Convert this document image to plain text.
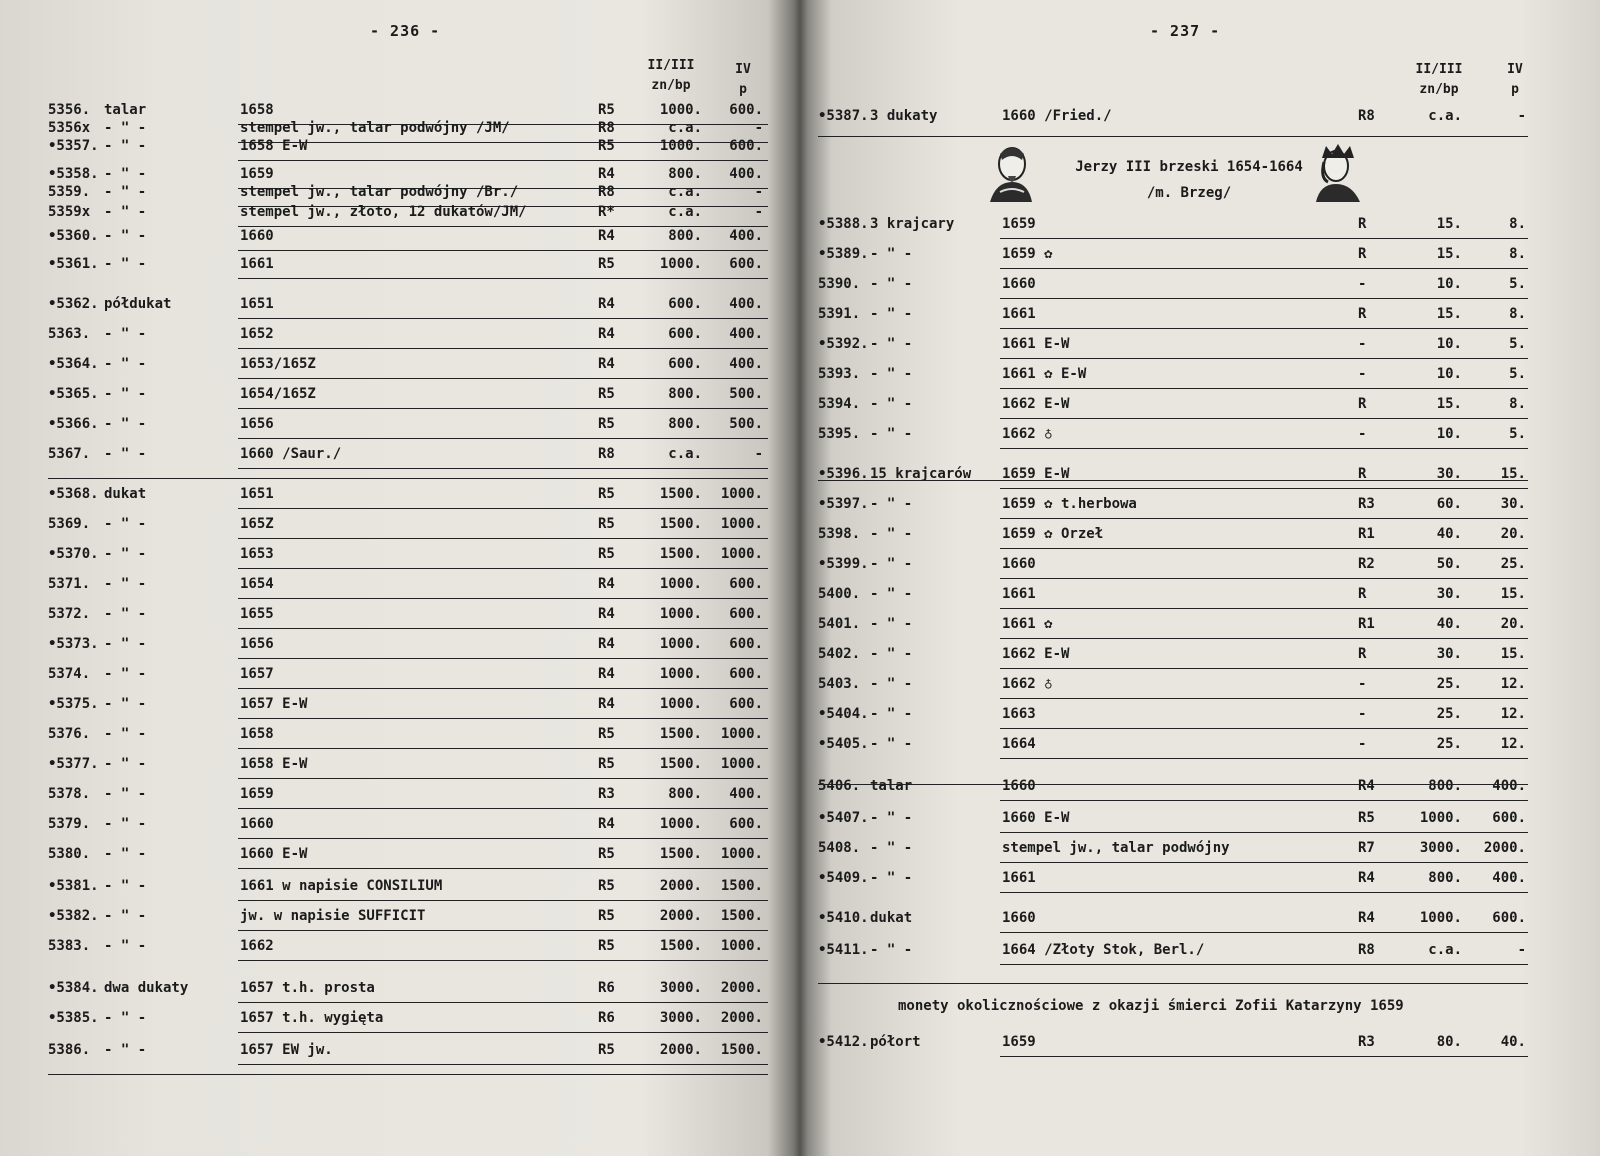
- 236 -
II/III
zn/bp
IV
p
5356. talar	1658	R5	1000.	600.
5356x - " -	stempel jw., talar podwójny /JM/	R8	c.a.	-
•5357. - " -	1658 E-W	R5	1000.	600.
•5358. - " -	1659	R4	800.	400.
5359. - " -	stempel jw., talar podwójny /Br./	R8	c.a.	-
5359x - " -	stempel jw., złoto, 12 dukatów/JM/	R*	c.a.	-
•5360. - " -	1660	R4	800.	400.
•5361. - " -	1661	R5	1000.	600.
•5362. półdukat	1651	R4	600.	400.
5363. - " -	1652	R4	600.	400.
•5364. - " -	1653/165Z	R4	600.	400.
•5365. - " -	1654/165Z	R5	800.	500.
•5366. - " -	1656	R5	800.	500.
5367. - " -	1660 /Saur./	R8	c.a.	-
•5368. dukat	1651	R5	1500.	1000.
5369. - " -	165Z	R5	1500.	1000.
•5370. - " -	1653	R5	1500.	1000.
5371. - " -	1654	R4	1000.	600.
5372. - " -	1655	R4	1000.	600.
•5373. - " -	1656	R4	1000.	600.
5374. - " -	1657	R4	1000.	600.
•5375. - " -	1657 E-W	R4	1000.	600.
5376. - " -	1658	R5	1500.	1000.
•5377. - " -	1658 E-W	R5	1500.	1000.
5378. - " -	1659	R3	800.	400.
5379. - " -	1660	R4	1000.	600.
5380. - " -	1660 E-W	R5	1500.	1000.
•5381. - " -	1661 w napisie CONSILIUM	R5	2000.	1500.
•5382. - " -	jw. w napisie SUFFICIT	R5	2000.	1500.
5383. - " -	1662	R5	1500.	1000.
•5384. dwa dukaty	1657 t.h. prosta	R6	3000.	2000.
•5385. - " -	1657 t.h. wygięta	R6	3000.	2000.
5386. - " -	1657 EW jw.	R5	2000.	1500.
- 237 -
II/III
zn/bp
IV
p
•5387. 3 dukaty	1660 /Fried./	R8	c.a.	-
Jerzy III brzeski 1654-1664
/m. Brzeg/
•5388. 3 krajcary	1659	R	15.	8.
•5389. - " -	1659 ✿	R	15.	8.
5390. - " -	1660	-	10.	5.
5391. - " -	1661	R	15.	8.
•5392. - " -	1661 E-W	-	10.	5.
5393. - " -	1661 ✿ E-W	-	10.	5.
5394. - " -	1662 E-W	R	15.	8.
5395. - " -	1662 ♁	-	10.	5.
•5396. 15 krajcarów 1659 E-W	R	30.	15.
•5397. - " -	1659 ✿ t.herbowa	R3	60.	30.
5398. - " -	1659 ✿ Orzeł	R1	40.	20.
•5399. - " -	1660	R2	50.	25.
5400. - " -	1661	R	30.	15.
5401. - " -	1661 ✿	R1	40.	20.
5402. - " -	1662 E-W	R	30.	15.
5403. - " -	1662 ♁	-	25.	12.
•5404. - " -	1663	-	25.	12.
•5405. - " -	1664	-	25.	12.
5406. talar	1660	R4	800.	400.
•5407. - " -	1660 E-W	R5	1000.	600.
5408. - " -	stempel jw., talar podwójny	R7	3000.	2000.
•5409. - " -	1661	R4	800.	400.
•5410. dukat	1660	R4	1000.	600.
•5411. - " -	1664 /Złoty Stok, Berl./	R8	c.a.	-
monety okolicznościowe z okazji śmierci Zofii Katarzyny 1659
•5412. półort	1659	R3	80.	40.
